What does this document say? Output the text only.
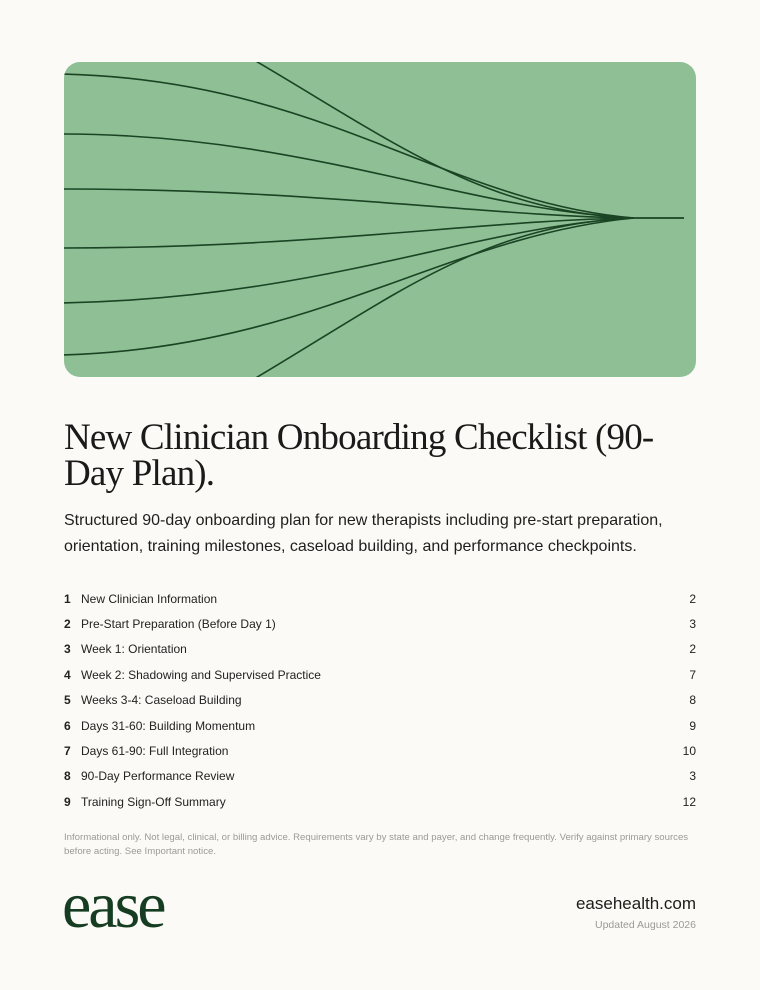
New Clinician Onboarding Checklist (90-Day Plan).

Structured 90-day onboarding plan for new therapists including pre-start preparation, orientation, training milestones, caseload building, and performance checkpoints.

1 New Clinician Information	2
2 Pre-Start Preparation (Before Day 1)	3
3 Week 1: Orientation	2
4 Week 2: Shadowing and Supervised Practice	7
5 Weeks 3-4: Caseload Building	8
6 Days 31-60: Building Momentum	9
7 Days 61-90: Full Integration	10
8 90-Day Performance Review	3
9 Training Sign-Off Summary	12

Informational only. Not legal, clinical, or billing advice. Requirements vary by state and payer, and change frequently. Verify against primary sources before acting. See Important notice.

ease	easehealth.com
Updated August 2026
